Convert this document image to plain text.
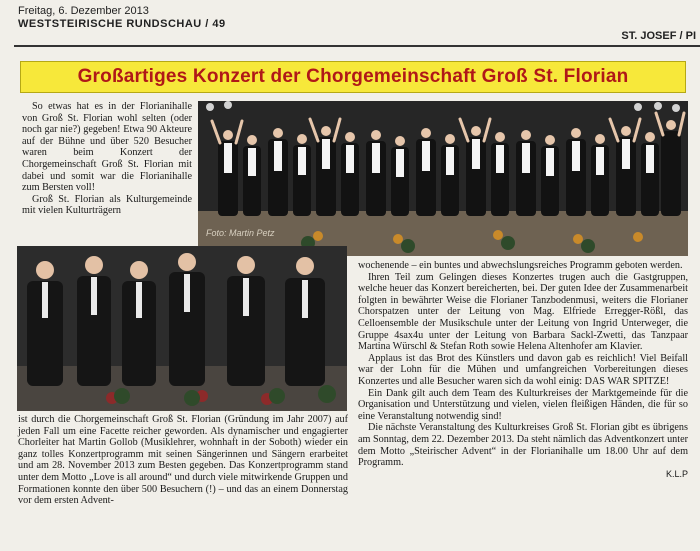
Freitag, 6. Dezember 2013
WESTSTEIRISCHE RUNDSCHAU / 49
ST. JOSEF / PI
Großartiges Konzert der Chorgemeinschaft Groß St. Florian

So etwas hat es in der Florianihalle von Groß St. Florian wohl selten (oder noch gar nie?) gegeben! Etwa 90 Akteure auf der Bühne und über 520 Besucher waren beim Konzert der Chorgemeinschaft Groß St. Florian mit dabei und somit war die Florianihalle zum Bersten voll!

Groß St. Florian als Kulturgemeinde mit vielen Kulturträgern

Foto: Martin Petz

ist durch die Chorgemeinschaft Groß St. Florian (Gründung im Jahr 2007) auf jeden Fall um eine Facette reicher geworden. Als dynamischer und engagierter Chorleiter hat Martin Gollob (Musiklehrer, wohnhaft in der Soboth) wieder ein ganz tolles Konzertprogramm mit seinen Sängerinnen und Sängern erarbeitet und am 28. November 2013 zum Besten gegeben. Das Konzertprogramm stand unter dem Motto „Love is all around“ und durch viele mitwirkende Gruppen und Formationen konnte den über 500 Besuchern (!) – und das an einem Donnerstag vor dem ersten Advent-

wochenende – ein buntes und abwechslungsreiches Programm geboten werden.

Ihren Teil zum Gelingen dieses Konzertes trugen auch die Gastgruppen, welche heuer das Konzert bereicherten, bei. Der guten Idee der Zusammenarbeit folgten in bewährter Weise die Florianer Tanzbodenmusi, weiters die Florianer Chorspatzen unter der Leitung von Mag. Elfriede Erregger-Rößl, das Celloensemble der Musikschule unter der Leitung von Ingrid Unterweger, die Gruppe 4sax4u unter der Leitung von Barbara Sackl-Zwetti, das Tanzpaar Martina Würschl & Stefan Roth sowie Helena Altenhofer am Klavier.

Applaus ist das Brot des Künstlers und davon gab es reichlich! Viel Beifall war der Lohn für die Mühen und umfangreichen Vorbereitungen dieses Konzertes und alle Besucher waren sich da wohl einig: DAS WAR SPITZE!

Ein Dank gilt auch dem Team des Kulturkreises der Marktgemeinde für die Organisation und Unterstützung und vielen, vielen fleißigen Händen, die für so eine Veranstaltung notwendig sind!

Die nächste Veranstaltung des Kulturkreises Groß St. Florian gibt es übrigens am Sonntag, dem 22. Dezember 2013. Da steht nämlich das Adventkonzert unter dem Motto „Steirischer Advent“ in der Florianihalle um 18.00 Uhr auf dem Programm.

K.L.P
